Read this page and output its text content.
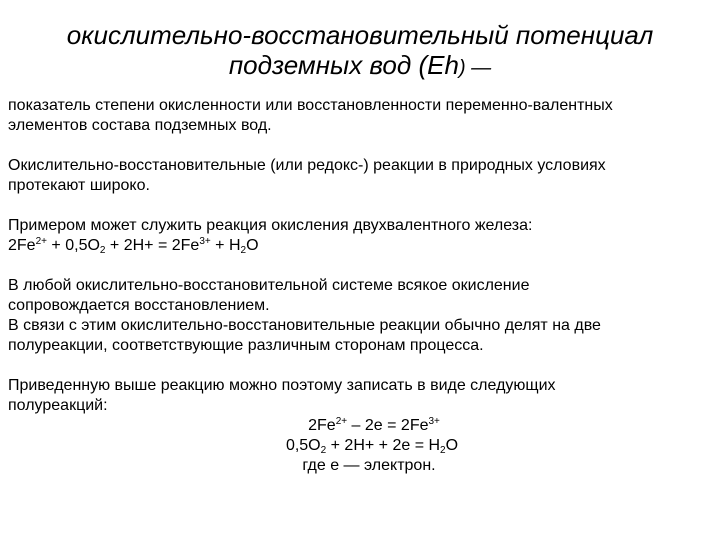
окислительно-восстановительный потенциал
подземных вод (Eh) —
показатель степени окисленности или восстановленности переменно-валентных
элементов состава подземных вод.
Окислительно-восстановительные (или редокс-) реакции в природных условиях
протекают широко.
Примером может служить реакция окисления двухвалентного железа:
$2Fe^{2+} + 0,5O_2 + 2H+ = 2Fe^{3+} + H_2O$
В любой окислительно-восстановительной системе всякое окисление
сопровождается восстановлением.
В связи с этим окислительно-восстановительные реакции обычно делят на две
полуреакции, соответствующие различным сторонам процесса.
Приведенную выше реакцию можно поэтому записать в виде следующих
полуреакций:
$2Fe^{2+} - 2e = 2Fe^{3+}$
$0,5O_2 + 2H+ + 2e = H_2O$
где e — электрон.
